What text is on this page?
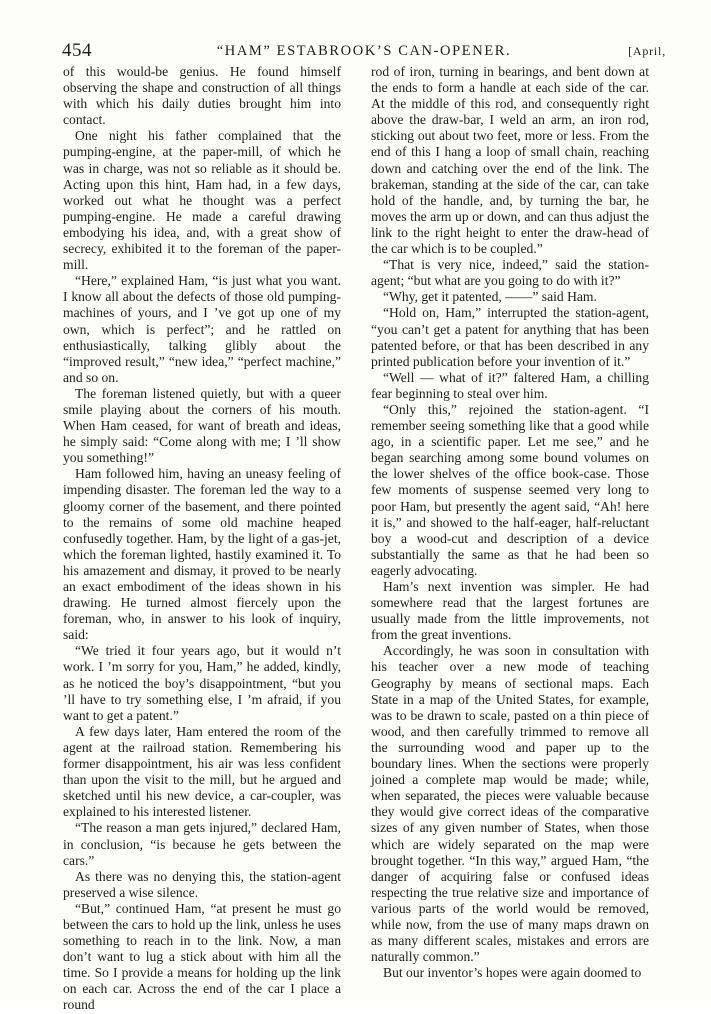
454	“HAM” ESTABROOK’S CAN-OPENER.	[April,

of this would-be genius. He found himself observing the shape and construction of all things with which his daily duties brought him into contact.

One night his father complained that the pumping-engine, at the paper-mill, of which he was in charge, was not so reliable as it should be. Acting upon this hint, Ham had, in a few days, worked out what he thought was a perfect pumping-engine. He made a careful drawing embodying his idea, and, with a great show of secrecy, exhibited it to the foreman of the paper-mill.

“Here,” explained Ham, “is just what you want. I know all about the defects of those old pumping-machines of yours, and I ’ve got up one of my own, which is perfect”; and he rattled on enthusiastically, talking glibly about the “improved result,” “new idea,” “perfect machine,” and so on.

The foreman listened quietly, but with a queer smile playing about the corners of his mouth. When Ham ceased, for want of breath and ideas, he simply said: “Come along with me; I ’ll show you something!”

Ham followed him, having an uneasy feeling of impending disaster. The foreman led the way to a gloomy corner of the basement, and there pointed to the remains of some old machine heaped confusedly together. Ham, by the light of a gas-jet, which the foreman lighted, hastily examined it. To his amazement and dismay, it proved to be nearly an exact embodiment of the ideas shown in his drawing. He turned almost fiercely upon the foreman, who, in answer to his look of inquiry, said:

“We tried it four years ago, but it would n’t work. I ’m sorry for you, Ham,” he added, kindly, as he noticed the boy’s disappointment, “but you ’ll have to try something else, I ’m afraid, if you want to get a patent.”

A few days later, Ham entered the room of the agent at the railroad station. Remembering his former disappointment, his air was less confident than upon the visit to the mill, but he argued and sketched until his new device, a car-coupler, was explained to his interested listener.

“The reason a man gets injured,” declared Ham, in conclusion, “is because he gets between the cars.”

As there was no denying this, the station-agent preserved a wise silence.

“But,” continued Ham, “at present he must go between the cars to hold up the link, unless he uses something to reach in to the link. Now, a man don’t want to lug a stick about with him all the time. So I provide a means for holding up the link on each car. Across the end of the car I place a round

rod of iron, turning in bearings, and bent down at the ends to form a handle at each side of the car. At the middle of this rod, and consequently right above the draw-bar, I weld an arm, an iron rod, sticking out about two feet, more or less. From the end of this I hang a loop of small chain, reaching down and catching over the end of the link. The brakeman, standing at the side of the car, can take hold of the handle, and, by turning the bar, he moves the arm up or down, and can thus adjust the link to the right height to enter the draw-head of the car which is to be coupled.”

“That is very nice, indeed,” said the station-agent; “but what are you going to do with it?”

“Why, get it patented, ——” said Ham.

“Hold on, Ham,” interrupted the station-agent, “you can’t get a patent for anything that has been patented before, or that has been described in any printed publication before your invention of it.”

“Well — what of it?” faltered Ham, a chilling fear beginning to steal over him.

“Only this,” rejoined the station-agent. “I remember seeing something like that a good while ago, in a scientific paper. Let me see,” and he began searching among some bound volumes on the lower shelves of the office book-case. Those few moments of suspense seemed very long to poor Ham, but presently the agent said, “Ah! here it is,” and showed to the half-eager, half-reluctant boy a wood-cut and description of a device substantially the same as that he had been so eagerly advocating.

Ham’s next invention was simpler. He had somewhere read that the largest fortunes are usually made from the little improvements, not from the great inventions.

Accordingly, he was soon in consultation with his teacher over a new mode of teaching Geography by means of sectional maps. Each State in a map of the United States, for example, was to be drawn to scale, pasted on a thin piece of wood, and then carefully trimmed to remove all the surrounding wood and paper up to the boundary lines. When the sections were properly joined a complete map would be made; while, when separated, the pieces were valuable because they would give correct ideas of the comparative sizes of any given number of States, when those which are widely separated on the map were brought together. “In this way,” argued Ham, “the danger of acquiring false or confused ideas respecting the true relative size and importance of various parts of the world would be removed, while now, from the use of many maps drawn on as many different scales, mistakes and errors are naturally common.”

But our inventor’s hopes were again doomed to
